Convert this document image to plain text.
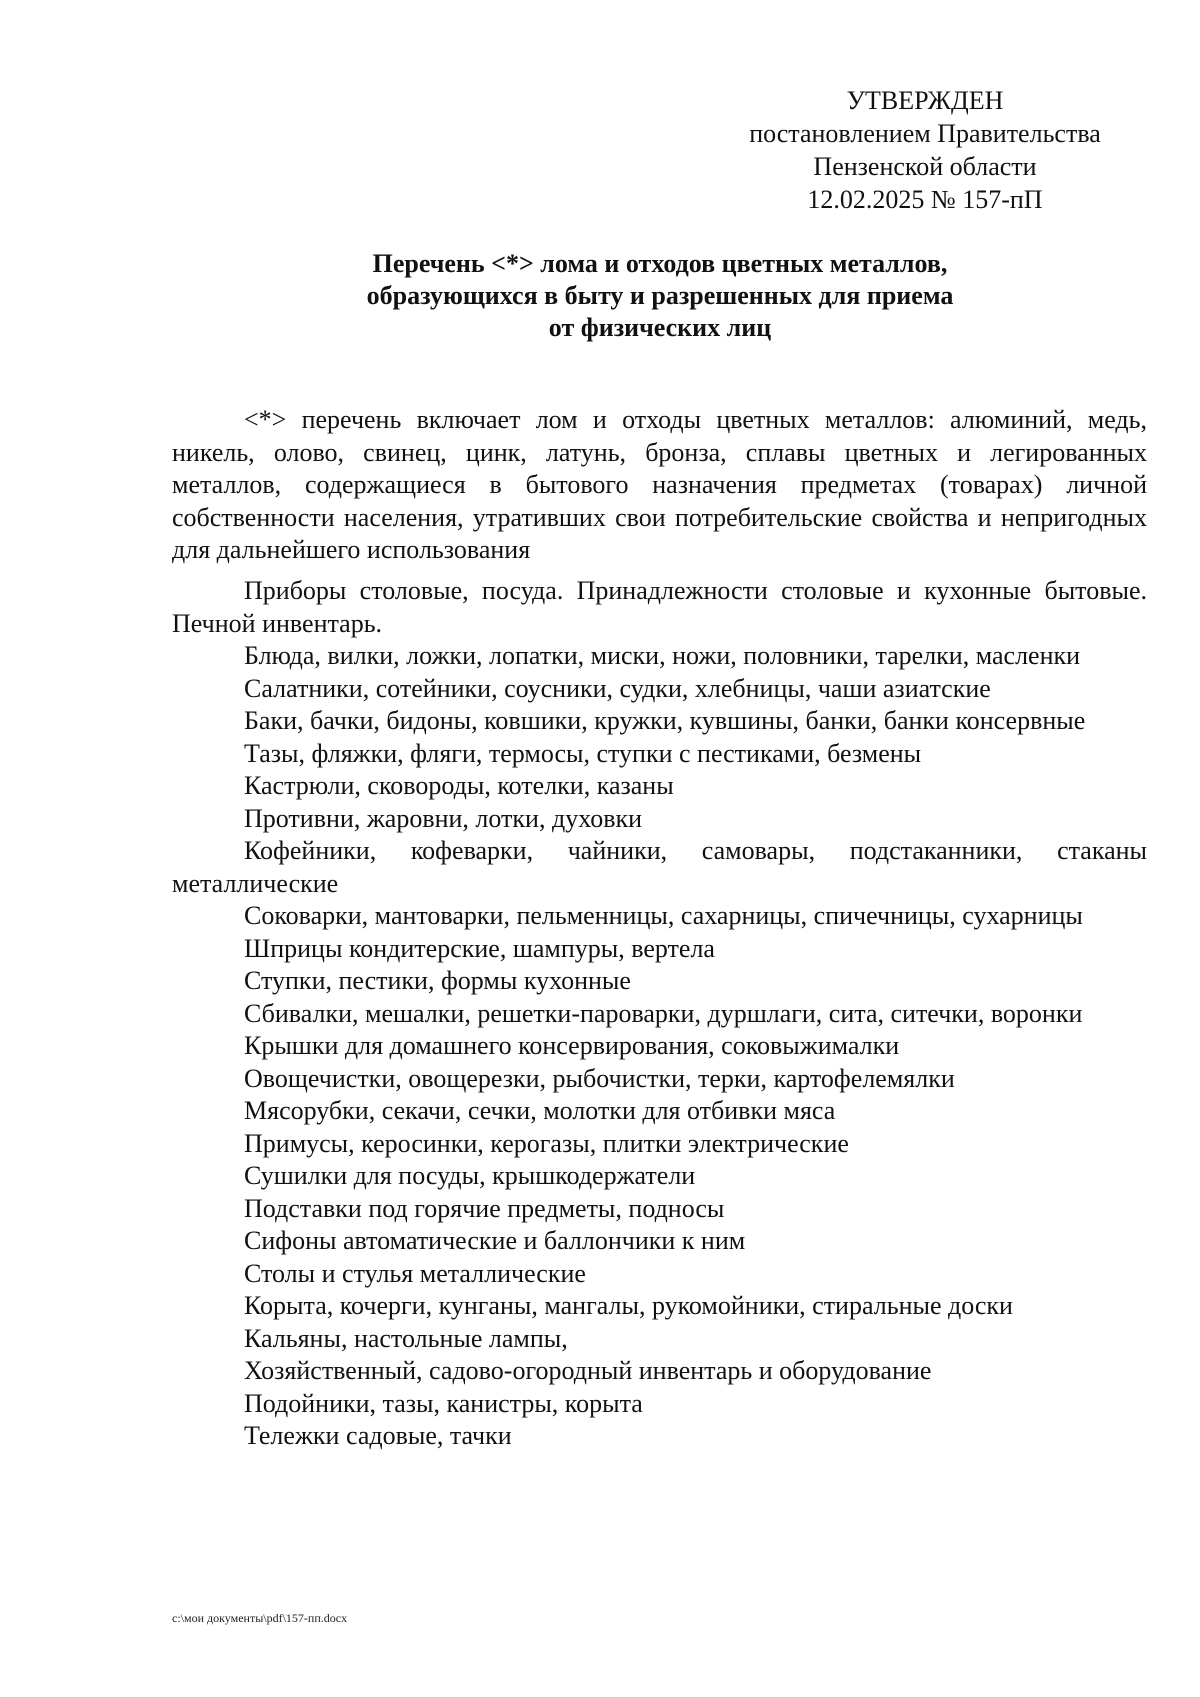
УТВЕРЖДЕН
постановлением Правительства
Пензенской области
12.02.2025 № 157-пП
Перечень <*> лома и отходов цветных металлов,
образующихся в быту и разрешенных для приема
от физических лиц

<*> перечень включает лом и отходы цветных металлов: алюминий, медь, никель, олово, свинец, цинк, латунь, бронза, сплавы цветных и легированных металлов, содержащиеся в бытового назначения предметах (товарах) личной собственности населения, утративших свои потребительские свойства и непригодных для дальнейшего использования

Приборы столовые, посуда. Принадлежности столовые и кухонные бытовые. Печной инвентарь.

Блюда, вилки, ложки, лопатки, миски, ножи, половники, тарелки, масленки

Салатники, сотейники, соусники, судки, хлебницы, чаши азиатские

Баки, бачки, бидоны, ковшики, кружки, кувшины, банки, банки консервные

Тазы, фляжки, фляги, термосы, ступки с пестиками, безмены

Кастрюли, сковороды, котелки, казаны

Противни, жаровни, лотки, духовки

Кофейники, кофеварки, чайники, самовары, подстаканники, стаканы металлические

Соковарки, мантоварки, пельменницы, сахарницы, спичечницы, сухарницы

Шприцы кондитерские, шампуры, вертела

Ступки, пестики, формы кухонные

Сбивалки, мешалки, решетки-пароварки, дуршлаги, сита, ситечки, воронки

Крышки для домашнего консервирования, соковыжималки

Овощечистки, овощерезки, рыбочистки, терки, картофелемялки

Мясорубки, секачи, сечки, молотки для отбивки мяса

Примусы, керосинки, керогазы, плитки электрические

Сушилки для посуды, крышкодержатели

Подставки под горячие предметы, подносы

Сифоны автоматические и баллончики к ним

Столы и стулья металлические

Корыта, кочерги, кунганы, мангалы, рукомойники, стиральные доски

Кальяны, настольные лампы,

Хозяйственный, садово-огородный инвентарь и оборудование

Подойники, тазы, канистры, корыта

Тележки садовые, тачки

c:\мои документы\pdf\157-пп.docx
